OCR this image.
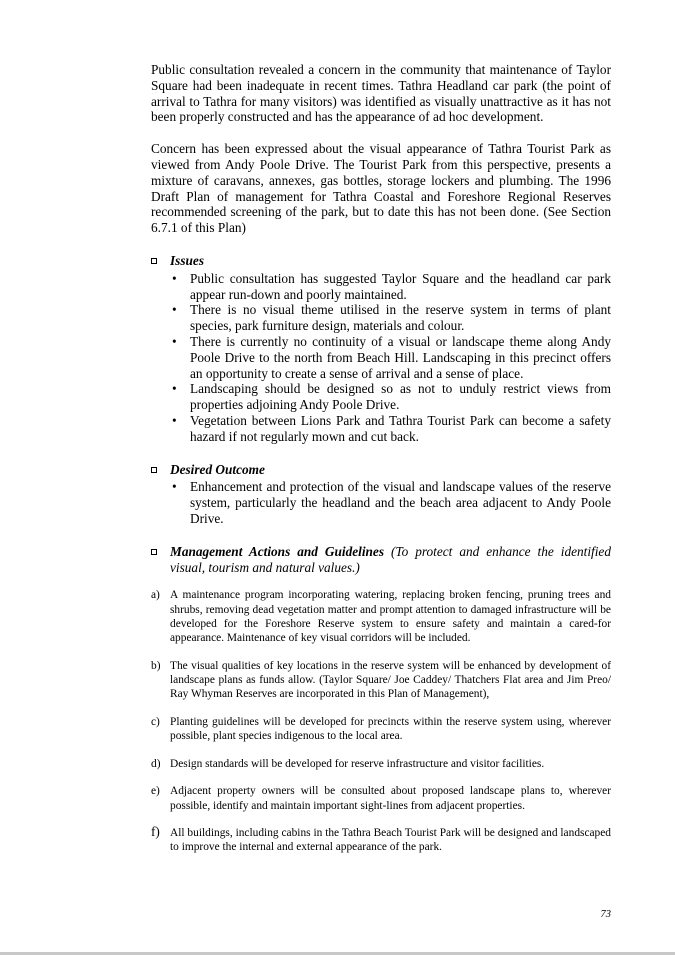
Public consultation revealed a concern in the community that maintenance of Taylor Square had been inadequate in recent times. Tathra Headland car park (the point of arrival to Tathra for many visitors) was identified as visually unattractive as it has not been properly constructed and has the appearance of ad hoc development.

Concern has been expressed about the visual appearance of Tathra Tourist Park as viewed from Andy Poole Drive. The Tourist Park from this perspective, presents a mixture of caravans, annexes, gas bottles, storage lockers and plumbing. The 1996 Draft Plan of management for Tathra Coastal and Foreshore Regional Reserves recommended screening of the park, but to date this has not been done. (See Section 6.7.1 of this Plan)

Issues
• Public consultation has suggested Taylor Square and the headland car park appear run-down and poorly maintained.
• There is no visual theme utilised in the reserve system in terms of plant species, park furniture design, materials and colour.
• There is currently no continuity of a visual or landscape theme along Andy Poole Drive to the north from Beach Hill. Landscaping in this precinct offers an opportunity to create a sense of arrival and a sense of place.
• Landscaping should be designed so as not to unduly restrict views from properties adjoining Andy Poole Drive.
• Vegetation between Lions Park and Tathra Tourist Park can become a safety hazard if not regularly mown and cut back.
Desired Outcome
• Enhancement and protection of the visual and landscape values of the reserve system, particularly the headland and the beach area adjacent to Andy Poole Drive.
Management Actions and Guidelines (To protect and enhance the identified visual, tourism and natural values.)
a) A maintenance program incorporating watering, replacing broken fencing, pruning trees and shrubs, removing dead vegetation matter and prompt attention to damaged infrastructure will be developed for the Foreshore Reserve system to ensure safety and maintain a cared-for appearance. Maintenance of key visual corridors will be included.
b) The visual qualities of key locations in the reserve system will be enhanced by development of landscape plans as funds allow. (Taylor Square/ Joe Caddey/ Thatchers Flat area and Jim Preo/ Ray Whyman Reserves are incorporated in this Plan of Management),
c) Planting guidelines will be developed for precincts within the reserve system using, wherever possible, plant species indigenous to the local area.
d) Design standards will be developed for reserve infrastructure and visitor facilities.
e) Adjacent property owners will be consulted about proposed landscape plans to, wherever possible, identify and maintain important sight-lines from adjacent properties.
f) All buildings, including cabins in the Tathra Beach Tourist Park will be designed and landscaped to improve the internal and external appearance of the park.
73
